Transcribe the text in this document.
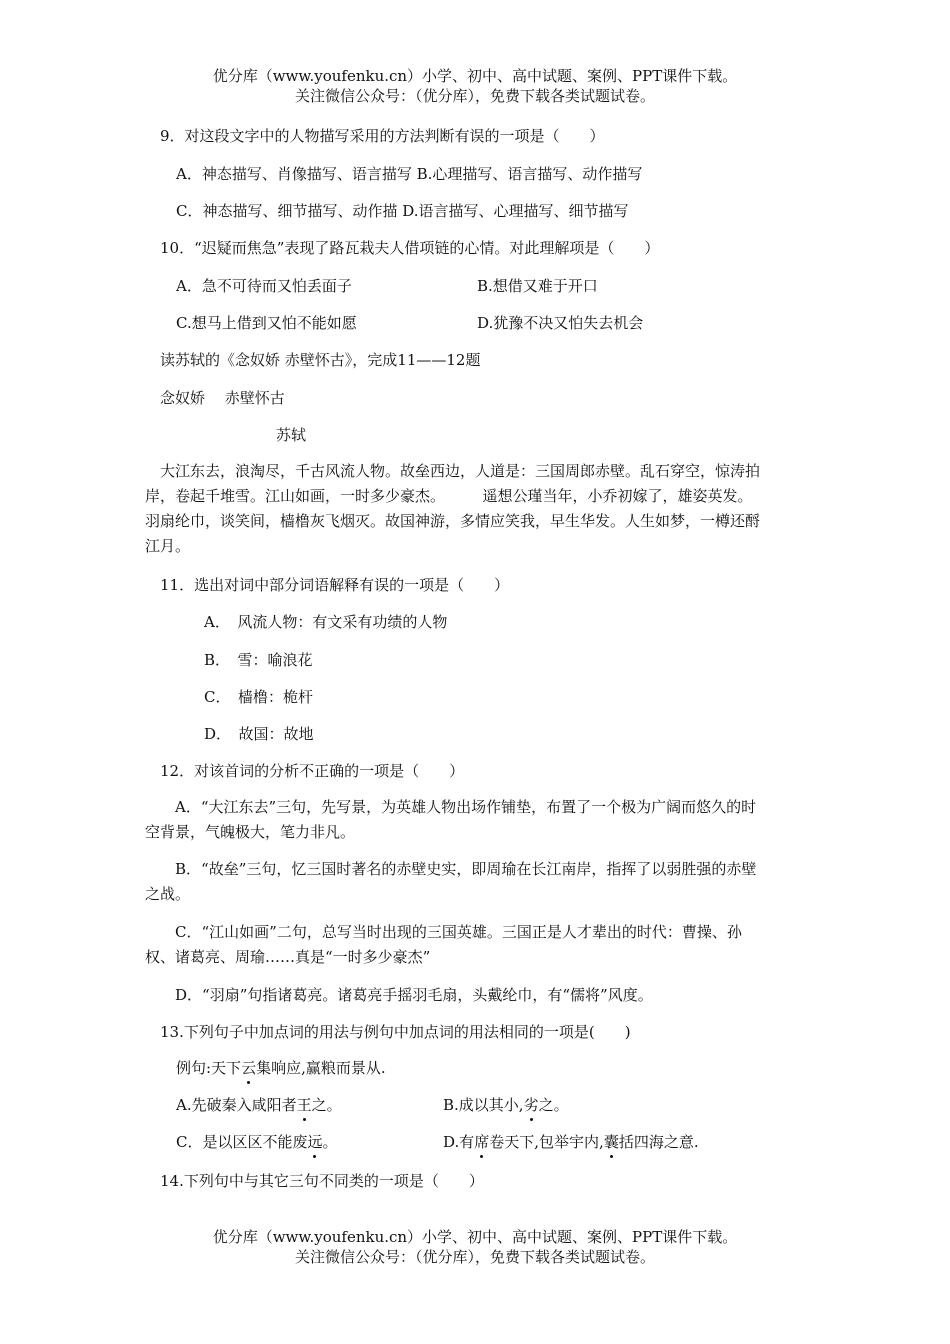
优分库（www.youfenku.cn）小学、初中、高中试题、案例、PPT课件下载。
关注微信公众号：（优分库），免费下载各类试题试卷。
9．对这段文字中的人物描写采用的方法判断有误的一项是（　　）
A．神态描写、肖像描写、语言描写 B.心理描写、语言描写、动作描写
C．神态描写、细节描写、动作描 D.语言描写、心理描写、细节描写
10．“迟疑而焦急”表现了路瓦栽夫人借项链的心情。对此理解项是（　　）
A．急不可待而又怕丢面子	B.想借又难于开口
C.想马上借到又怕不能如愿	D.犹豫不决又怕失去机会
读苏轼的《念奴娇 赤壁怀古》，完成11——12题
念奴娇　 赤壁怀古
苏轼
大江东去，浪淘尽，千古风流人物。故垒西边，人道是：三国周郎赤壁。乱石穿空，惊涛拍岸，卷起千堆雪。江山如画，一时多少豪杰。　　　遥想公瑾当年，小乔初嫁了，雄姿英发。羽扇纶巾，谈笑间，樯橹灰飞烟灭。故国神游，多情应笑我，早生华发。人生如梦，一樽还酹江月。
11．选出对词中部分词语解释有误的一项是（　　）
A．　风流人物：有文采有功绩的人物
B．　雪：喻浪花
C．　樯橹：桅杆
D．　故国：故地
12．对该首词的分析不正确的一项是（　　）
A．“大江东去”三句，先写景，为英雄人物出场作铺垫，布置了一个极为广阔而悠久的时空背景，气魄极大，笔力非凡。
B．“故垒”三句，忆三国时著名的赤壁史实，即周瑜在长江南岸，指挥了以弱胜强的赤壁之战。
C．“江山如画”二句，总写当时出现的三国英雄。三国正是人才辈出的时代：曹操、孙权、诸葛亮、周瑜……真是“一时多少豪杰”
D．“羽扇”句指诸葛亮。诸葛亮手摇羽毛扇，头戴纶巾，有“儒将”风度。
13.下列句子中加点词的用法与例句中加点词的用法相同的一项是(　　)
例句:天下云集响应,赢粮而景从.
A.先破秦入咸阳者王之。	B.成以其小,劣之。
C．是以区区不能废远。	D.有席卷天下,包举宇内,囊括四海之意.
14.下列句中与其它三句不同类的一项是（　　）
优分库（www.youfenku.cn）小学、初中、高中试题、案例、PPT课件下载。
关注微信公众号：（优分库），免费下载各类试题试卷。
